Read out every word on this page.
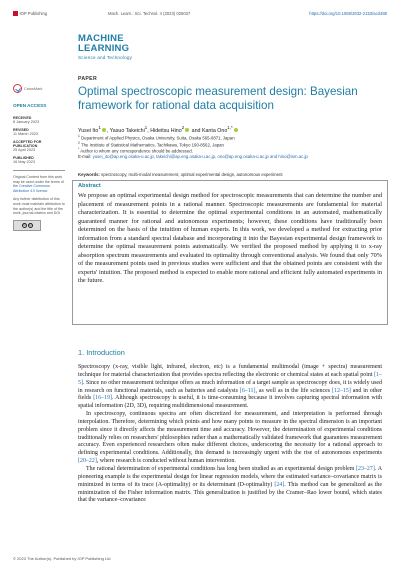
IOP Publishing	Mach. Learn.: Sci. Technol. 4 (2023) 025037	https://doi.org/10.1088/2632-2153/acd488
MACHINE
LEARNING
Science and Technology
CrossMark
OPEN ACCESS
RECEIVED
8 January 2023
REVISED
11 March 2023
ACCEPTED FOR PUBLICATION
25 April 2023
PUBLISHED
16 May 2023
Original Content from this work may be used under the terms of the Creative Commons Attribution 4.0 licence.
Any further distribution of this work must maintain attribution to the author(s) and the title of the work, journal citation and DOI.
cc	by
PAPER
Optimal spectroscopic measurement design: Bayesian framework for rational data acquisition
Yusei Ito$^1$, Yasuo Takeichi$^1$, Hideitsu Hino$^2$ and Kanta Ono$^{1,*}$
$^1$ Department of Applied Physics, Osaka University, Suita, Osaka 565-0871, Japan
$^2$ The Institute of Statistical Mathematics, Tachikawa, Tokyo 190-8562, Japan
* Author to whom any correspondence should be addressed.
E-mail: yusei_ito@ap.eng.osaka-u.ac.jp, takeichi@ap.eng.osaka-u.ac.jp, ono@ap.eng.osaka-u.ac.jp and hino@ism.ac.jp
Keywords: spectroscopy, multi-modal measurement, optimal experimental design, autonomous experiment
Abstract

We propose an optimal experimental design method for spectroscopic measurements that can determine the number and placement of measurement points in a rational manner. Spectroscopic measurements are fundamental for material characterization. It is essential to determine the optimal experimental conditions in an automated, mathematically guaranteed manner for rational and autonomous experiments; however, these conditions have traditionally been determined on the basis of the intuition of human experts. In this work, we developed a method for extracting prior information from a standard spectral database and incorporating it into the Bayesian experimental design framework to determine the optimal measurement points automatically. We verified the proposed method by applying it to x-ray absorption spectrum measurements and evaluated its optimality through conventional analysis. We found that only 70% of the measurement points used in previous studies were sufficient and that the obtained points are consistent with the experts' intuition. The proposed method is expected to enable more rational and efficient fully automated experiments in the future.

1. Introduction

Spectroscopy (x-ray, visible light, infrared, electron, etc) is a fundamental multimodal (image + spectra) measurement technique for material characterization that provides spectra reflecting the electronic or chemical states at each spatial point [1–5]. Since no other measurement technique offers as much information of a target sample as spectroscopy does, it is widely used in research on functional materials, such as batteries and catalysts [6–11], as well as in the life sciences [12–15] and in other fields [16–19]. Although spectroscopy is useful, it is time-consuming because it involves capturing spectral information with spatial information (2D, 3D), requiring multidimensional measurement.

In spectroscopy, continuous spectra are often discretized for measurement, and interpretation is performed through interpolation. Therefore, determining which points and how many points to measure in the spectral dimension is an important problem since it directly affects the measurement time and accuracy. However, the determination of experimental conditions traditionally relies on researchers' philosophies rather than a mathematically validated framework that guarantees measurement accuracy. Even experienced researchers often make different choices, underscoring the necessity for a rational approach to defining experimental conditions. Additionally, this demand is increasingly urgent with the rise of autonomous experiments [20–22], where research is conducted without human intervention.

The rational determination of experimental conditions has long been studied as an experimental design problem [23–27]. A pioneering example is the experimental design for linear regression models, where the estimated variance–covariance matrix is minimized in terms of its trace (A-optimality) or its determinant (D-optimality) [24]. This method can be generalized as the minimization of the Fisher information matrix. This generalization is justified by the Cramer–Rao lower bound, which states that the variance–covariance

© 2023 The Author(s). Published by IOP Publishing Ltd
